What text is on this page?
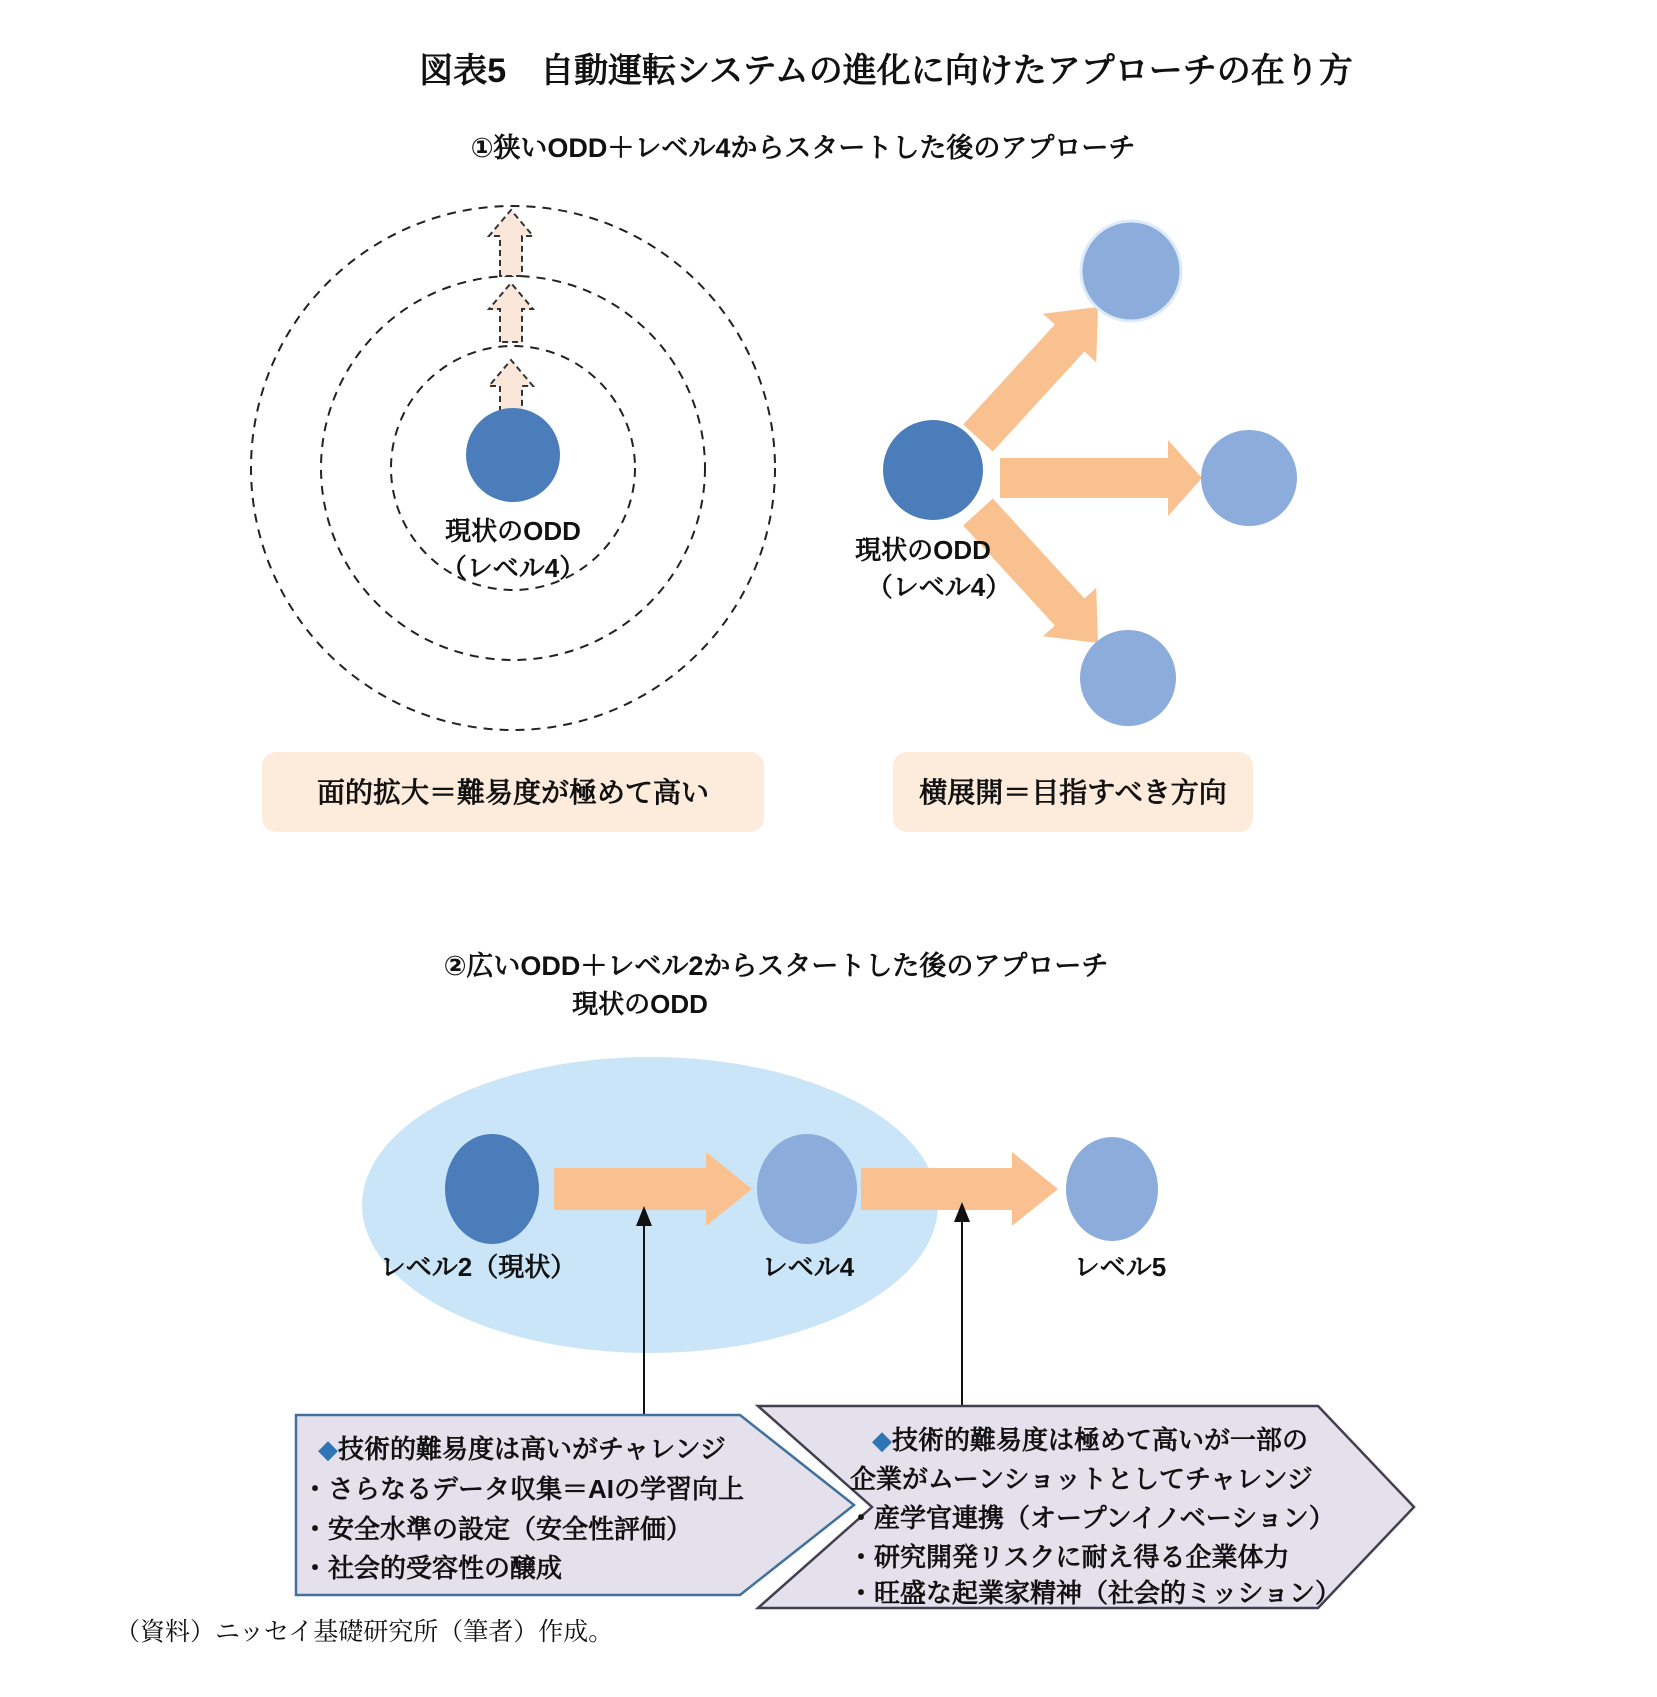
図表5　自動運転システムの進化に向けたアプローチの在り方
①狭いODD＋レベル4からスタートした後のアプローチ
現状のODD
（レベル4）
面的拡大＝難易度が極めて高い
現状のODD
（レベル4）
横展開＝目指すべき方向
②広いODD＋レベル2からスタートした後のアプローチ
現状のODD
レベル2（現状）	レベル4	レベル5
◆技術的難易度は高いがチャレンジ
・さらなるデータ収集＝AIの学習向上
・安全水準の設定（安全性評価）
・社会的受容性の醸成
◆技術的難易度は極めて高いが一部の
企業がムーンショットとしてチャレンジ
・産学官連携（オープンイノベーション）
・研究開発リスクに耐え得る企業体力
・旺盛な起業家精神（社会的ミッション）
（資料）ニッセイ基礎研究所（筆者）作成。
